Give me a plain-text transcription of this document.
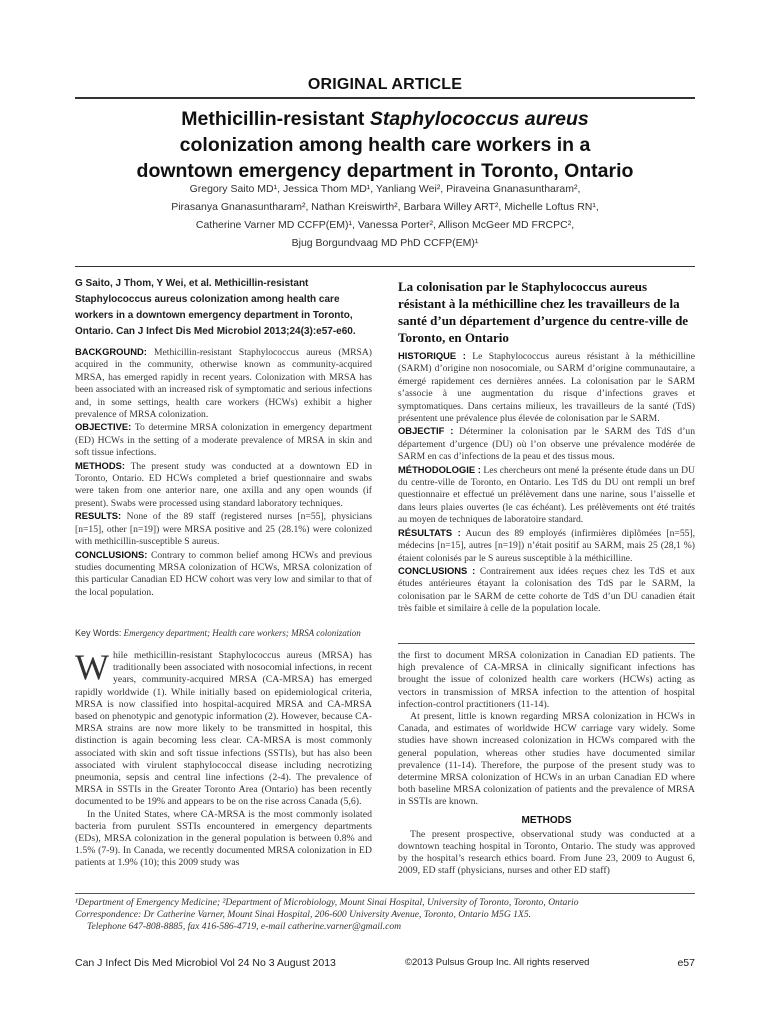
ORIGINAL ARTICLE
Methicillin-resistant Staphylococcus aureus
colonization among health care workers in a
downtown emergency department in Toronto, Ontario
Gregory Saito MD¹, Jessica Thom MD¹, Yanliang Wei², Piraveina Gnanasuntharam²,
Pirasanya Gnanasuntharam², Nathan Kreiswirth², Barbara Willey ART², Michelle Loftus RN¹,
Catherine Varner MD CCFP(EM)¹, Vanessa Porter², Allison McGeer MD FRCPC²,
Bjug Borgundvaag MD PhD CCFP(EM)¹
G Saito, J Thom, Y Wei, et al. Methicillin-resistant Staphylococcus aureus colonization among health care workers in a downtown emergency department in Toronto, Ontario. Can J Infect Dis Med Microbiol 2013;24(3):e57-e60.

BACKGROUND: Methicillin-resistant Staphylococcus aureus (MRSA) acquired in the community, otherwise known as community-acquired MRSA, has emerged rapidly in recent years. Colonization with MRSA has been associated with an increased risk of symptomatic and serious infections and, in some settings, health care workers (HCWs) exhibit a higher prevalence of MRSA colonization.

OBJECTIVE: To determine MRSA colonization in emergency department (ED) HCWs in the setting of a moderate prevalence of MRSA in skin and soft tissue infections.

METHODS: The present study was conducted at a downtown ED in Toronto, Ontario. ED HCWs completed a brief questionnaire and swabs were taken from one anterior nare, one axilla and any open wounds (if present). Swabs were processed using standard laboratory techniques.

RESULTS: None of the 89 staff (registered nurses [n=55], physicians [n=15], other [n=19]) were MRSA positive and 25 (28.1%) were colonized with methicillin-susceptible S aureus.

CONCLUSIONS: Contrary to common belief among HCWs and previous studies documenting MRSA colonization of HCWs, MRSA colonization of this particular Canadian ED HCW cohort was very low and similar to that of the local population.

Key Words: Emergency department; Health care workers; MRSA colonization
La colonisation par le Staphylococcus aureus résistant à la méthicilline chez les travailleurs de la santé d’un département d’urgence du centre-ville de Toronto, en Ontario

HISTORIQUE : Le Staphylococcus aureus résistant à la méthicilline (SARM) d’origine non nosocomiale, ou SARM d’origine communautaire, a émergé rapidement ces dernières années. La colonisation par le SARM s’associe à une augmentation du risque d’infections graves et symptomatiques. Dans certains milieux, les travailleurs de la santé (TdS) présentent une prévalence plus élevée de colonisation par le SARM.

OBJECTIF : Déterminer la colonisation par le SARM des TdS d’un département d’urgence (DU) où l’on observe une prévalence modérée de SARM en cas d’infections de la peau et des tissus mous.

MÉTHODOLOGIE : Les chercheurs ont mené la présente étude dans un DU du centre-ville de Toronto, en Ontario. Les TdS du DU ont rempli un bref questionnaire et effectué un prélèvement dans une narine, sous l’aisselle et dans leurs plaies ouvertes (le cas échéant). Les prélèvements ont été traités au moyen de techniques de laboratoire standard.

RÉSULTATS : Aucun des 89 employés (infirmières diplômées [n=55], médecins [n=15], autres [n=19]) n’était positif au SARM, mais 25 (28,1 %) étaient colonisés par le S aureus susceptible à la méthicilline.

CONCLUSIONS : Contrairement aux idées reçues chez les TdS et aux études antérieures étayant la colonisation des TdS par le SARM, la colonisation par le SARM de cette cohorte de TdS d’un DU canadien était très faible et similaire à celle de la population locale.

While methicillin-resistant Staphylococcus aureus (MRSA) has traditionally been associated with nosocomial infections, in recent years, community-acquired MRSA (CA-MRSA) has emerged rapidly worldwide (1). While initially based on epidemiological criteria, MRSA is now classified into hospital-acquired MRSA and CA-MRSA based on phenotypic and genotypic information (2). However, because CA-MRSA strains are now more likely to be transmitted in hospital, this distinction is again becoming less clear. CA-MRSA is most commonly associated with skin and soft tissue infections (SSTIs), but has also been associated with virulent staphylococcal disease including necrotizing pneumonia, sepsis and central line infections (2-4). The prevalence of MRSA in SSTIs in the Greater Toronto Area (Ontario) has been recently documented to be 19% and appears to be on the rise across Canada (5,6).

In the United States, where CA-MRSA is the most commonly isolated bacteria from purulent SSTIs encountered in emergency departments (EDs), MRSA colonization in the general population is between 0.8% and 1.5% (7-9). In Canada, we recently documented MRSA colonization in ED patients at 1.9% (10); this 2009 study was

the first to document MRSA colonization in Canadian ED patients. The high prevalence of CA-MRSA in clinically significant infections has brought the issue of colonized health care workers (HCWs) acting as vectors in transmission of MRSA infection to the attention of hospital infection-control practitioners (11-14).

At present, little is known regarding MRSA colonization in HCWs in Canada, and estimates of worldwide HCW carriage vary widely. Some studies have shown increased colonization in HCWs compared with the general population, whereas other studies have documented similar prevalence (11-14). Therefore, the purpose of the present study was to determine MRSA colonization of HCWs in an urban Canadian ED where both baseline MRSA colonization of patients and the prevalence of MRSA in SSTIs are known.

METHODS

The present prospective, observational study was conducted at a downtown teaching hospital in Toronto, Ontario. The study was approved by the hospital’s research ethics board. From June 23, 2009 to August 6, 2009, ED staff (physicians, nurses and other ED staff)

¹Department of Emergency Medicine; ²Department of Microbiology, Mount Sinai Hospital, University of Toronto, Toronto, Ontario
Correspondence: Dr Catherine Varner, Mount Sinai Hospital, 206-600 University Avenue, Toronto, Ontario M5G 1X5.
Telephone 647-808-8885, fax 416-586-4719, e-mail catherine.varner@gmail.com
Can J Infect Dis Med Microbiol Vol 24 No 3 August 2013	©2013 Pulsus Group Inc. All rights reserved	e57
